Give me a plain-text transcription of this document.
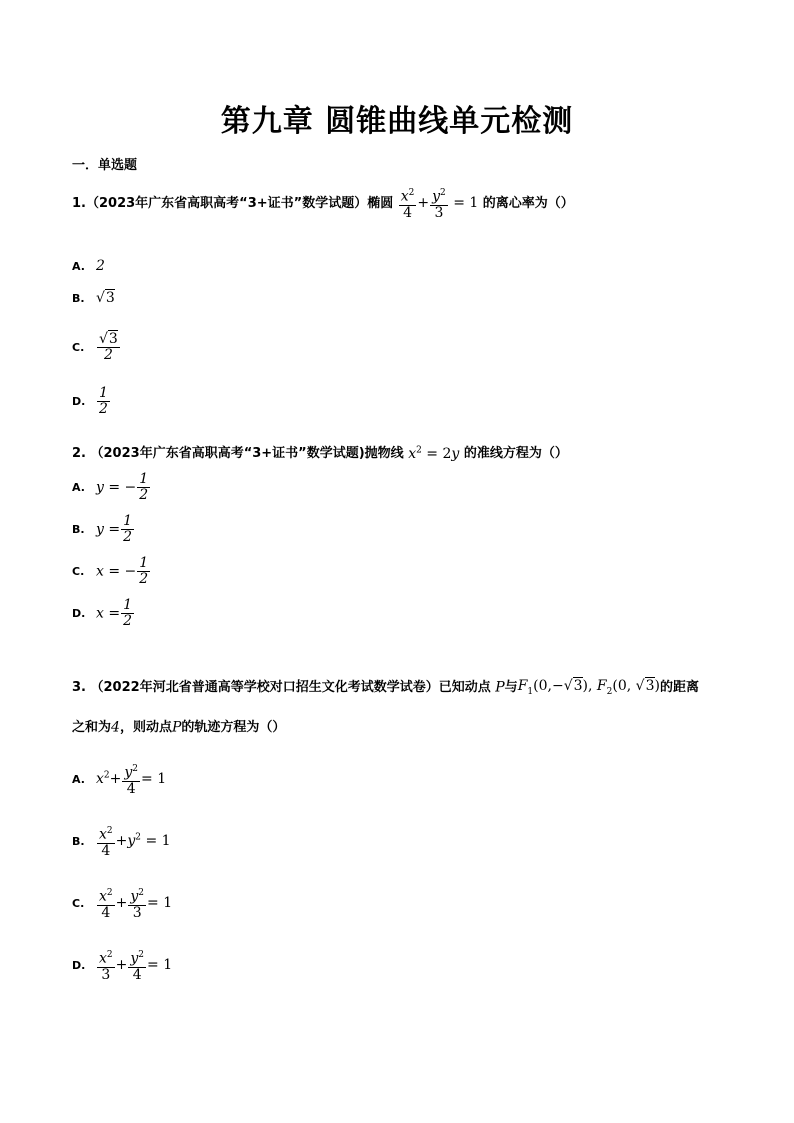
第九章 圆锥曲线单元检测
一．单选题
1.（2023年广东省高职高考“3+证书”数学试题）椭圆 $\frac{x^2}{4} + \frac{y^2}{3} = 1$ 的离心率为（）
A. 2
B. √3
C. $\frac{√3}{2}$
D. $\frac{1}{2}$
2. （2023年广东省高职高考“3+证书”数学试题)抛物线 $x^2 = 2y$ 的准线方程为（）
A. y = − $\frac{1}{2}$
B. $y = \frac{1}{2}$
C. x = − $\frac{1}{2}$
D. $x = \frac{1}{2}$
3. （2022年河北省普通高等学校对口招生文化考试数学试卷）已知动点 P与$F_1(0,-√3)$, $F_2(0$, √3)的距离
之和为4，则动点P的轨迹方程为（）
A. $x^2+ \frac{y^2}{4} = 1$
B. $\frac{x^2}{4} +y^2 = 1$
C. $\frac{x^2}{4} + \frac{y^2}{3} = 1$
D. $\frac{x^2}{3} + \frac{y^2}{4} = 1$
